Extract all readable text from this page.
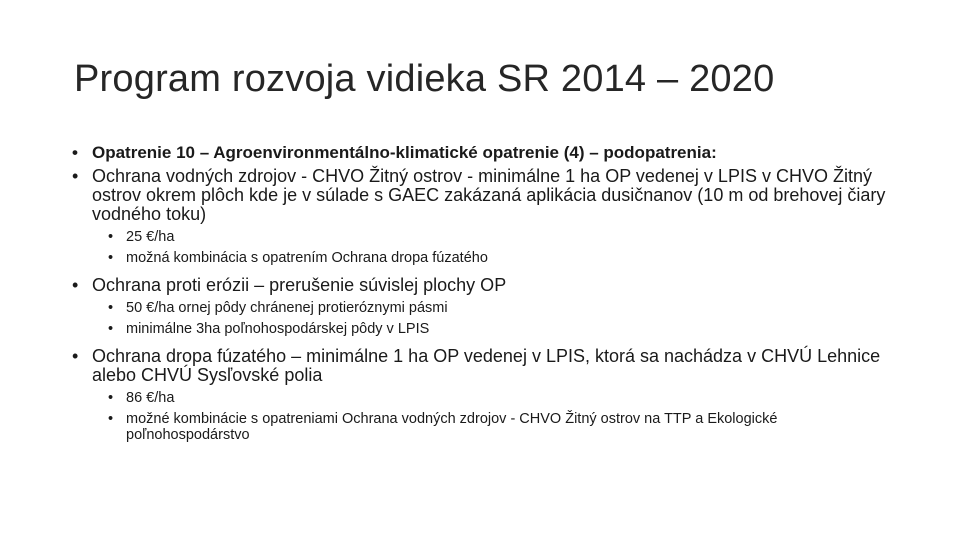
Program rozvoja vidieka SR 2014 – 2020
• Opatrenie 10 – Agroenvironmentálno-klimatické opatrenie (4) – podopatrenia:
• Ochrana vodných zdrojov - CHVO Žitný ostrov - minimálne 1 ha OP vedenej v LPIS v CHVO Žitný ostrov okrem plôch kde je v súlade s GAEC zakázaná aplikácia dusičnanov (10 m od brehovej čiary vodného toku)
• 25 €/ha
• možná kombinácia s opatrením Ochrana dropa fúzatého
• Ochrana proti erózii – prerušenie súvislej plochy OP
• 50 €/ha ornej pôdy chránenej protieróznymi pásmi
• minimálne 3ha poľnohospodárskej pôdy v LPIS
• Ochrana dropa fúzatého – minimálne 1 ha OP vedenej v LPIS, ktorá sa nachádza v CHVÚ Lehnice alebo CHVÚ Sysľovské polia
• 86 €/ha
• možné kombinácie s opatreniami Ochrana vodných zdrojov - CHVO Žitný ostrov na TTP a Ekologické poľnohospodárstvo
